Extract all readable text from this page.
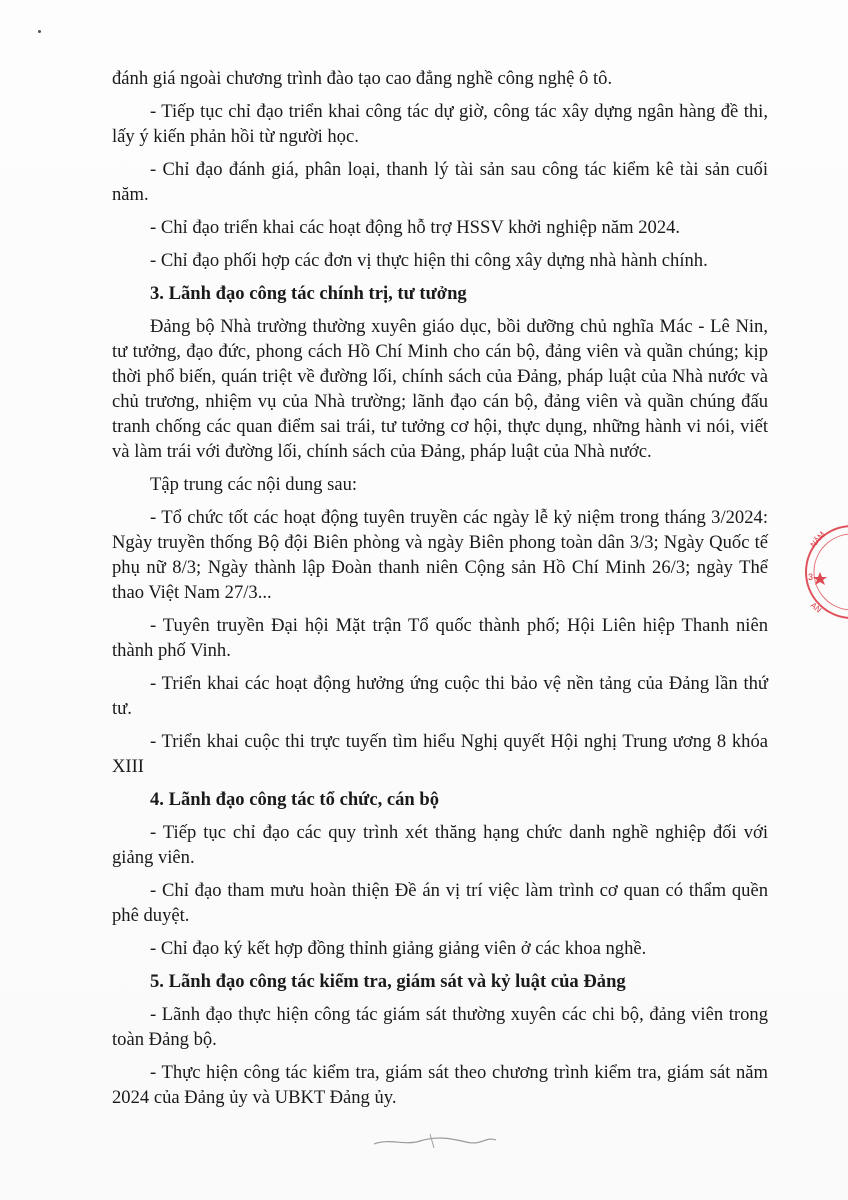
đánh giá ngoài chương trình đào tạo cao đẳng nghề công nghệ ô tô.

- Tiếp tục chỉ đạo triển khai công tác dự giờ, công tác xây dựng ngân hàng đề thi, lấy ý kiến phản hồi từ người học.

- Chỉ đạo đánh giá, phân loại, thanh lý tài sản sau công tác kiểm kê tài sản cuối năm.

- Chỉ đạo triển khai các hoạt động hỗ trợ HSSV khởi nghiệp năm 2024.

- Chỉ đạo phối hợp các đơn vị thực hiện thi công xây dựng nhà hành chính.

3. Lãnh đạo công tác chính trị, tư tưởng

Đảng bộ Nhà trường thường xuyên giáo dục, bồi dưỡng chủ nghĩa Mác - Lê Nin, tư tưởng, đạo đức, phong cách Hồ Chí Minh cho cán bộ, đảng viên và quần chúng; kịp thời phổ biến, quán triệt về đường lối, chính sách của Đảng, pháp luật của Nhà nước và chủ trương, nhiệm vụ của Nhà trường; lãnh đạo cán bộ, đảng viên và quần chúng đấu tranh chống các quan điểm sai trái, tư tưởng cơ hội, thực dụng, những hành vi nói, viết và làm trái với đường lối, chính sách của Đảng, pháp luật của Nhà nước.

Tập trung các nội dung sau:

- Tổ chức tốt các hoạt động tuyên truyền các ngày lễ kỷ niệm trong tháng 3/2024: Ngày truyền thống Bộ đội Biên phòng và ngày Biên phong toàn dân 3/3; Ngày Quốc tế phụ nữ 8/3; Ngày thành lập Đoàn thanh niên Cộng sản Hồ Chí Minh 26/3; ngày Thể thao Việt Nam 27/3...

- Tuyên truyền Đại hội Mặt trận Tổ quốc thành phố; Hội Liên hiệp Thanh niên thành phố Vinh.

- Triển khai các hoạt động hưởng ứng cuộc thi bảo vệ nền tảng của Đảng lần thứ tư.

- Triển khai cuộc thi trực tuyến tìm hiểu Nghị quyết Hội nghị Trung ương 8 khóa XIII

4. Lãnh đạo công tác tổ chức, cán bộ

- Tiếp tục chỉ đạo các quy trình xét thăng hạng chức danh nghề nghiệp đối với giảng viên.

- Chỉ đạo tham mưu hoàn thiện Đề án vị trí việc làm trình cơ quan có thẩm quền phê duyệt.

- Chỉ đạo ký kết hợp đồng thỉnh giảng giảng viên ở các khoa nghề.

5. Lãnh đạo công tác kiểm tra, giám sát và kỷ luật của Đảng

- Lãnh đạo thực hiện công tác giám sát thường xuyên các chi bộ, đảng viên trong toàn Đảng bộ.

- Thực hiện công tác kiểm tra, giám sát theo chương trình kiểm tra, giám sát năm 2024 của Đảng ủy và UBKT Đảng ủy.

NĂM
3
AN
